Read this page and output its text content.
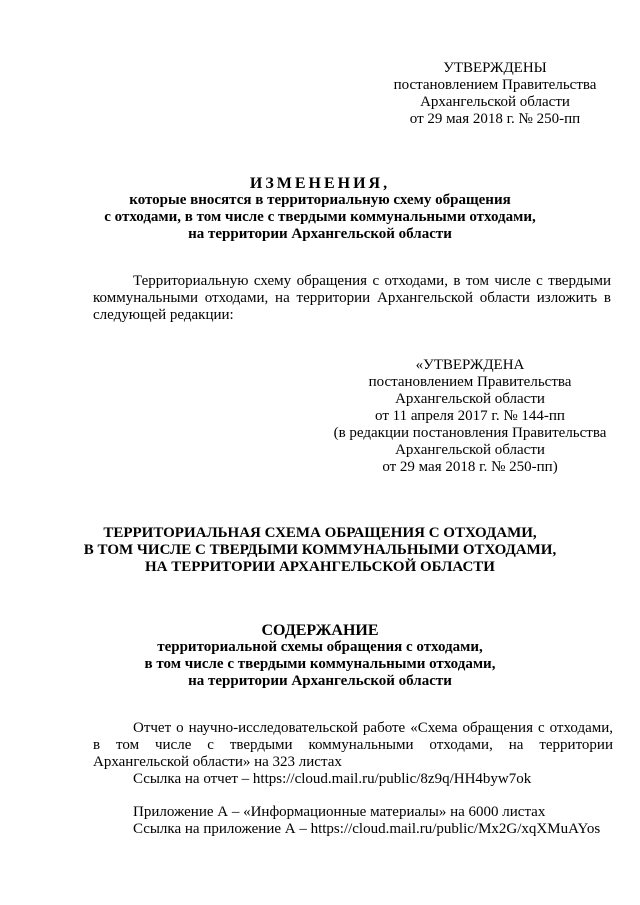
УТВЕРЖДЕНЫ
постановлением Правительства
Архангельской области
от 29 мая 2018 г. № 250-пп
ИЗМЕНЕНИЯ,
которые вносятся в территориальную схему обращения
с отходами, в том числе с твердыми коммунальными отходами,
на территории Архангельской области

Территориальную схему обращения с отходами, в том числе с твердыми коммунальными отходами, на территории Архангельской области изложить в следующей редакции:

«УТВЕРЖДЕНА
постановлением Правительства
Архангельской области
от 11 апреля 2017 г. № 144-пп
(в редакции постановления Правительства
Архангельской области
от 29 мая 2018 г. № 250-пп)
ТЕРРИТОРИАЛЬНАЯ СХЕМА ОБРАЩЕНИЯ С ОТХОДАМИ,
В ТОМ ЧИСЛЕ С ТВЕРДЫМИ КОММУНАЛЬНЫМИ ОТХОДАМИ,
НА ТЕРРИТОРИИ АРХАНГЕЛЬСКОЙ ОБЛАСТИ
СОДЕРЖАНИЕ
территориальной схемы обращения с отходами,
в том числе с твердыми коммунальными отходами,
на территории Архангельской области

Отчет о научно-исследовательской работе «Схема обращения с отходами, в том числе с твердыми коммунальными отходами, на территории Архангельской области» на 323 листах

Ссылка на отчет – https://cloud.mail.ru/public/8z9q/HH4byw7ok

Приложение А – «Информационные материалы» на 6000 листах

Ссылка на приложение А – https://cloud.mail.ru/public/Mx2G/xqXMuAYos
